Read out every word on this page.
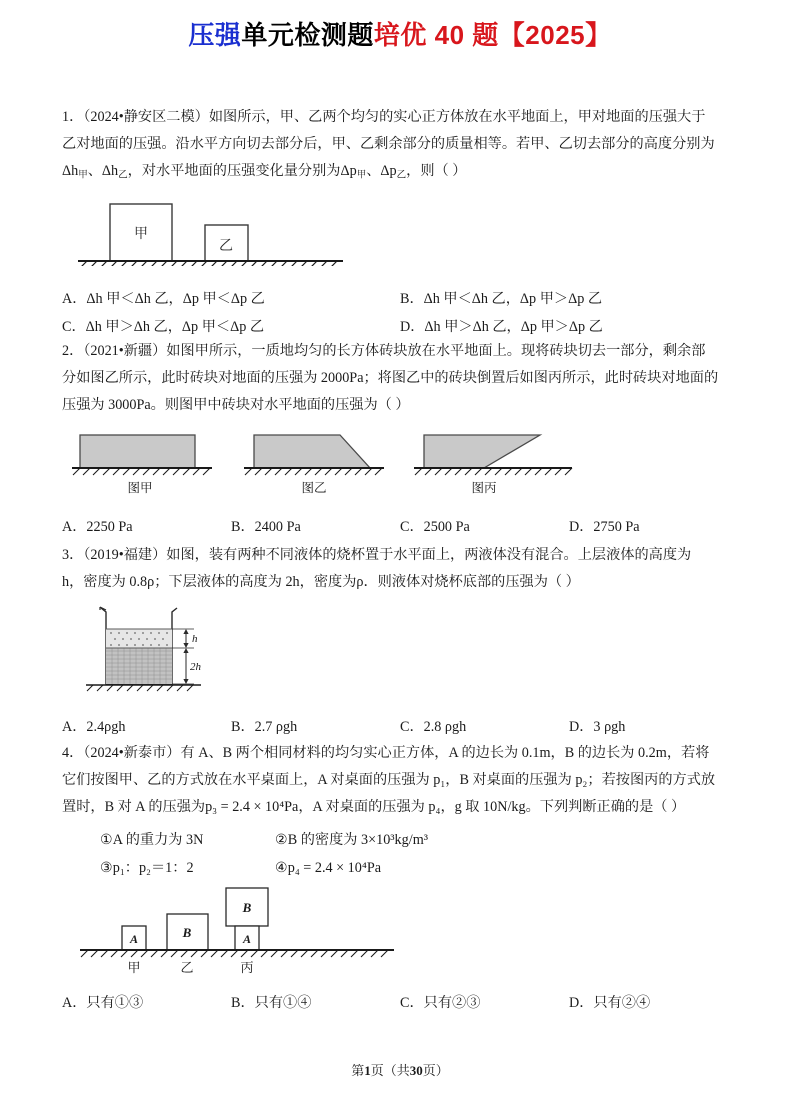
压强单元检测题培优 40 题【2025】
1．（2024•静安区二模）如图所示，甲、乙两个均匀的实心正方体放在水平地面上，甲对地面的压强大于
乙对地面的压强。沿水平方向切去部分后，甲、乙剩余部分的质量相等。若甲、乙切去部分的高度分别为
$\Delta h_甲$、$\Delta h_乙$，对水平地面的压强变化量分别为$\Delta p_甲$、$\Delta p_乙$，则（ ）
甲
乙
A．Δh 甲＜Δh 乙，Δp 甲＜Δp 乙	B．Δh 甲＜Δh 乙，Δp 甲＞Δp 乙
C．Δh 甲＞Δh 乙，Δp 甲＜Δp 乙	D．Δh 甲＞Δh 乙，Δp 甲＞Δp 乙
2．（2021•新疆）如图甲所示，一质地均匀的长方体砖块放在水平地面上。现将砖块切去一部分，剩余部
分如图乙所示，此时砖块对地面的压强为 2000Pa；将图乙中的砖块倒置后如图丙所示，此时砖块对地面的
压强为 3000Pa。则图甲中砖块对水平地面的压强为（ ）
图甲	图乙	图丙
A．2250 Pa	B．2400 Pa	C．2500 Pa	D．2750 Pa
3．（2019•福建）如图，装有两种不同液体的烧杯置于水平面上，两液体没有混合。上层液体的高度为
h，密度为 0.8ρ；下层液体的高度为 2h，密度为ρ．则液体对烧杯底部的压强为（ ）
h
2h
A．2.4ρgh	B．2.7 ρgh	C．2.8 ρgh	D．3 ρgh
4．（2024•新泰市）有 A、B 两个相同材料的均匀实心正方体，A 的边长为 0.1m，B 的边长为 0.2m，若将
它们按图甲、乙的方式放在水平桌面上，A 对桌面的压强为 p₁，B 对桌面的压强为 p₂；若按图丙的方式放
置时，B 对 A 的压强为p₃ = 2.4 × 10⁴Pa，A 对桌面的压强为 p₄，g 取 10N/kg。下列判断正确的是（ ）
①A 的重力为 3N	②B 的密度为 3×10³kg/m³
③p₁：p₂＝1：2	④p₄ = 2.4 × 10⁴Pa
A
甲
B
乙
B
A
丙
A．只有①③	B．只有①④	C．只有②③	D．只有②④
第1页（共30页）
